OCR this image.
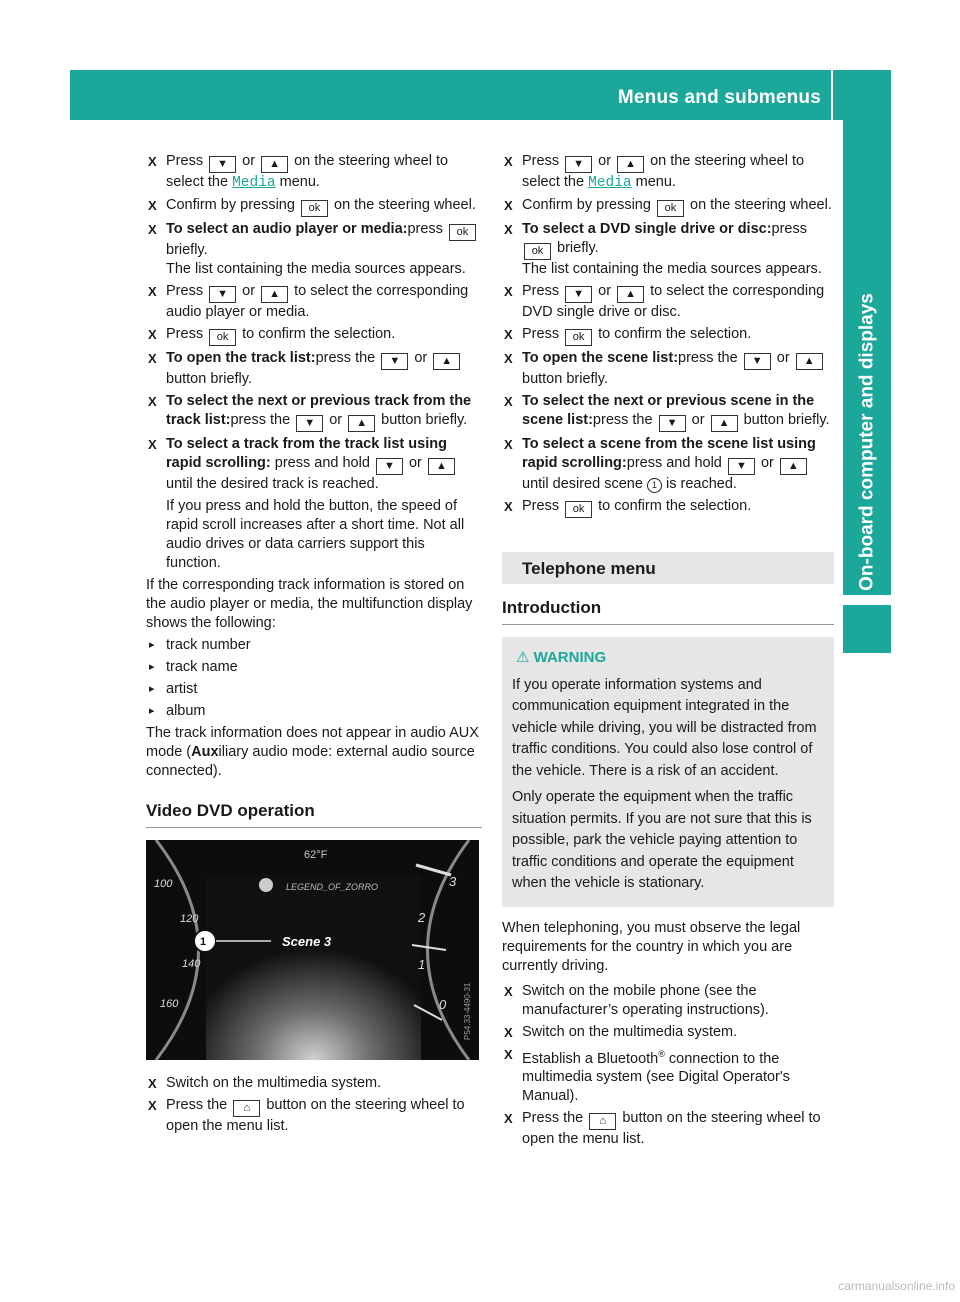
Menus and submenus
On-board computer and displays
X Press ▼ or ▲ on the steering wheel to select the Media menu.
X Confirm by pressing ok on the steering wheel.
X To select an audio player or media:press ok briefly.
The list containing the media sources appears.
X Press ▼ or ▲ to select the corresponding audio player or media.
X Press ok to confirm the selection.
X To open the track list:press the ▼ or ▲ button briefly.
X To select the next or previous track from the track list:press the ▼ or ▲ button briefly.
X To select a track from the track list using rapid scrolling: press and hold ▼ or ▲ until the desired track is reached.
If you press and hold the button, the speed of rapid scroll increases after a short time. Not all audio drives or data carriers support this function.

If the corresponding track information is stored on the audio player or media, the multifunction display shows the following:

▸ track number
▸ track name
▸ artist
▸ album

The track information does not appear in audio AUX mode (Auxiliary audio mode: external audio source connected).

Video DVD operation
62°F
LEGEND_OF_ZORRO
Scene 3
1
100
120
140
160
3
2
1
0	P54.33-4490-31
X Switch on the multimedia system.
X Press the ⌂ button on the steering wheel to open the menu list.
X Press ▼ or ▲ on the steering wheel to select the Media menu.
X Confirm by pressing ok on the steering wheel.
X To select a DVD single drive or disc:press ok briefly.
The list containing the media sources appears.
X Press ▼ or ▲ to select the corresponding DVD single drive or disc.
X Press ok to confirm the selection.
X To open the scene list:press the ▼ or ▲ button briefly.
X To select the next or previous scene in the scene list:press the ▼ or ▲ button briefly.
X To select a scene from the scene list using rapid scrolling:press and hold ▼ or ▲ until desired scene 1 is reached.
X Press ok to confirm the selection.
Telephone menu
Introduction
⚠ WARNING

If you operate information systems and communication equipment integrated in the vehicle while driving, you will be distracted from traffic conditions. You could also lose control of the vehicle. There is a risk of an accident.

Only operate the equipment when the traffic situation permits. If you are not sure that this is possible, park the vehicle paying attention to traffic conditions and operate the equipment when the vehicle is stationary.

When telephoning, you must observe the legal requirements for the country in which you are currently driving.

X Switch on the mobile phone (see the manufacturer’s operating instructions).
X Switch on the multimedia system.
X Establish a Bluetooth® connection to the multimedia system (see Digital Operator's Manual).
X Press the ⌂ button on the steering wheel to open the menu list.
carmanualsonline.info
